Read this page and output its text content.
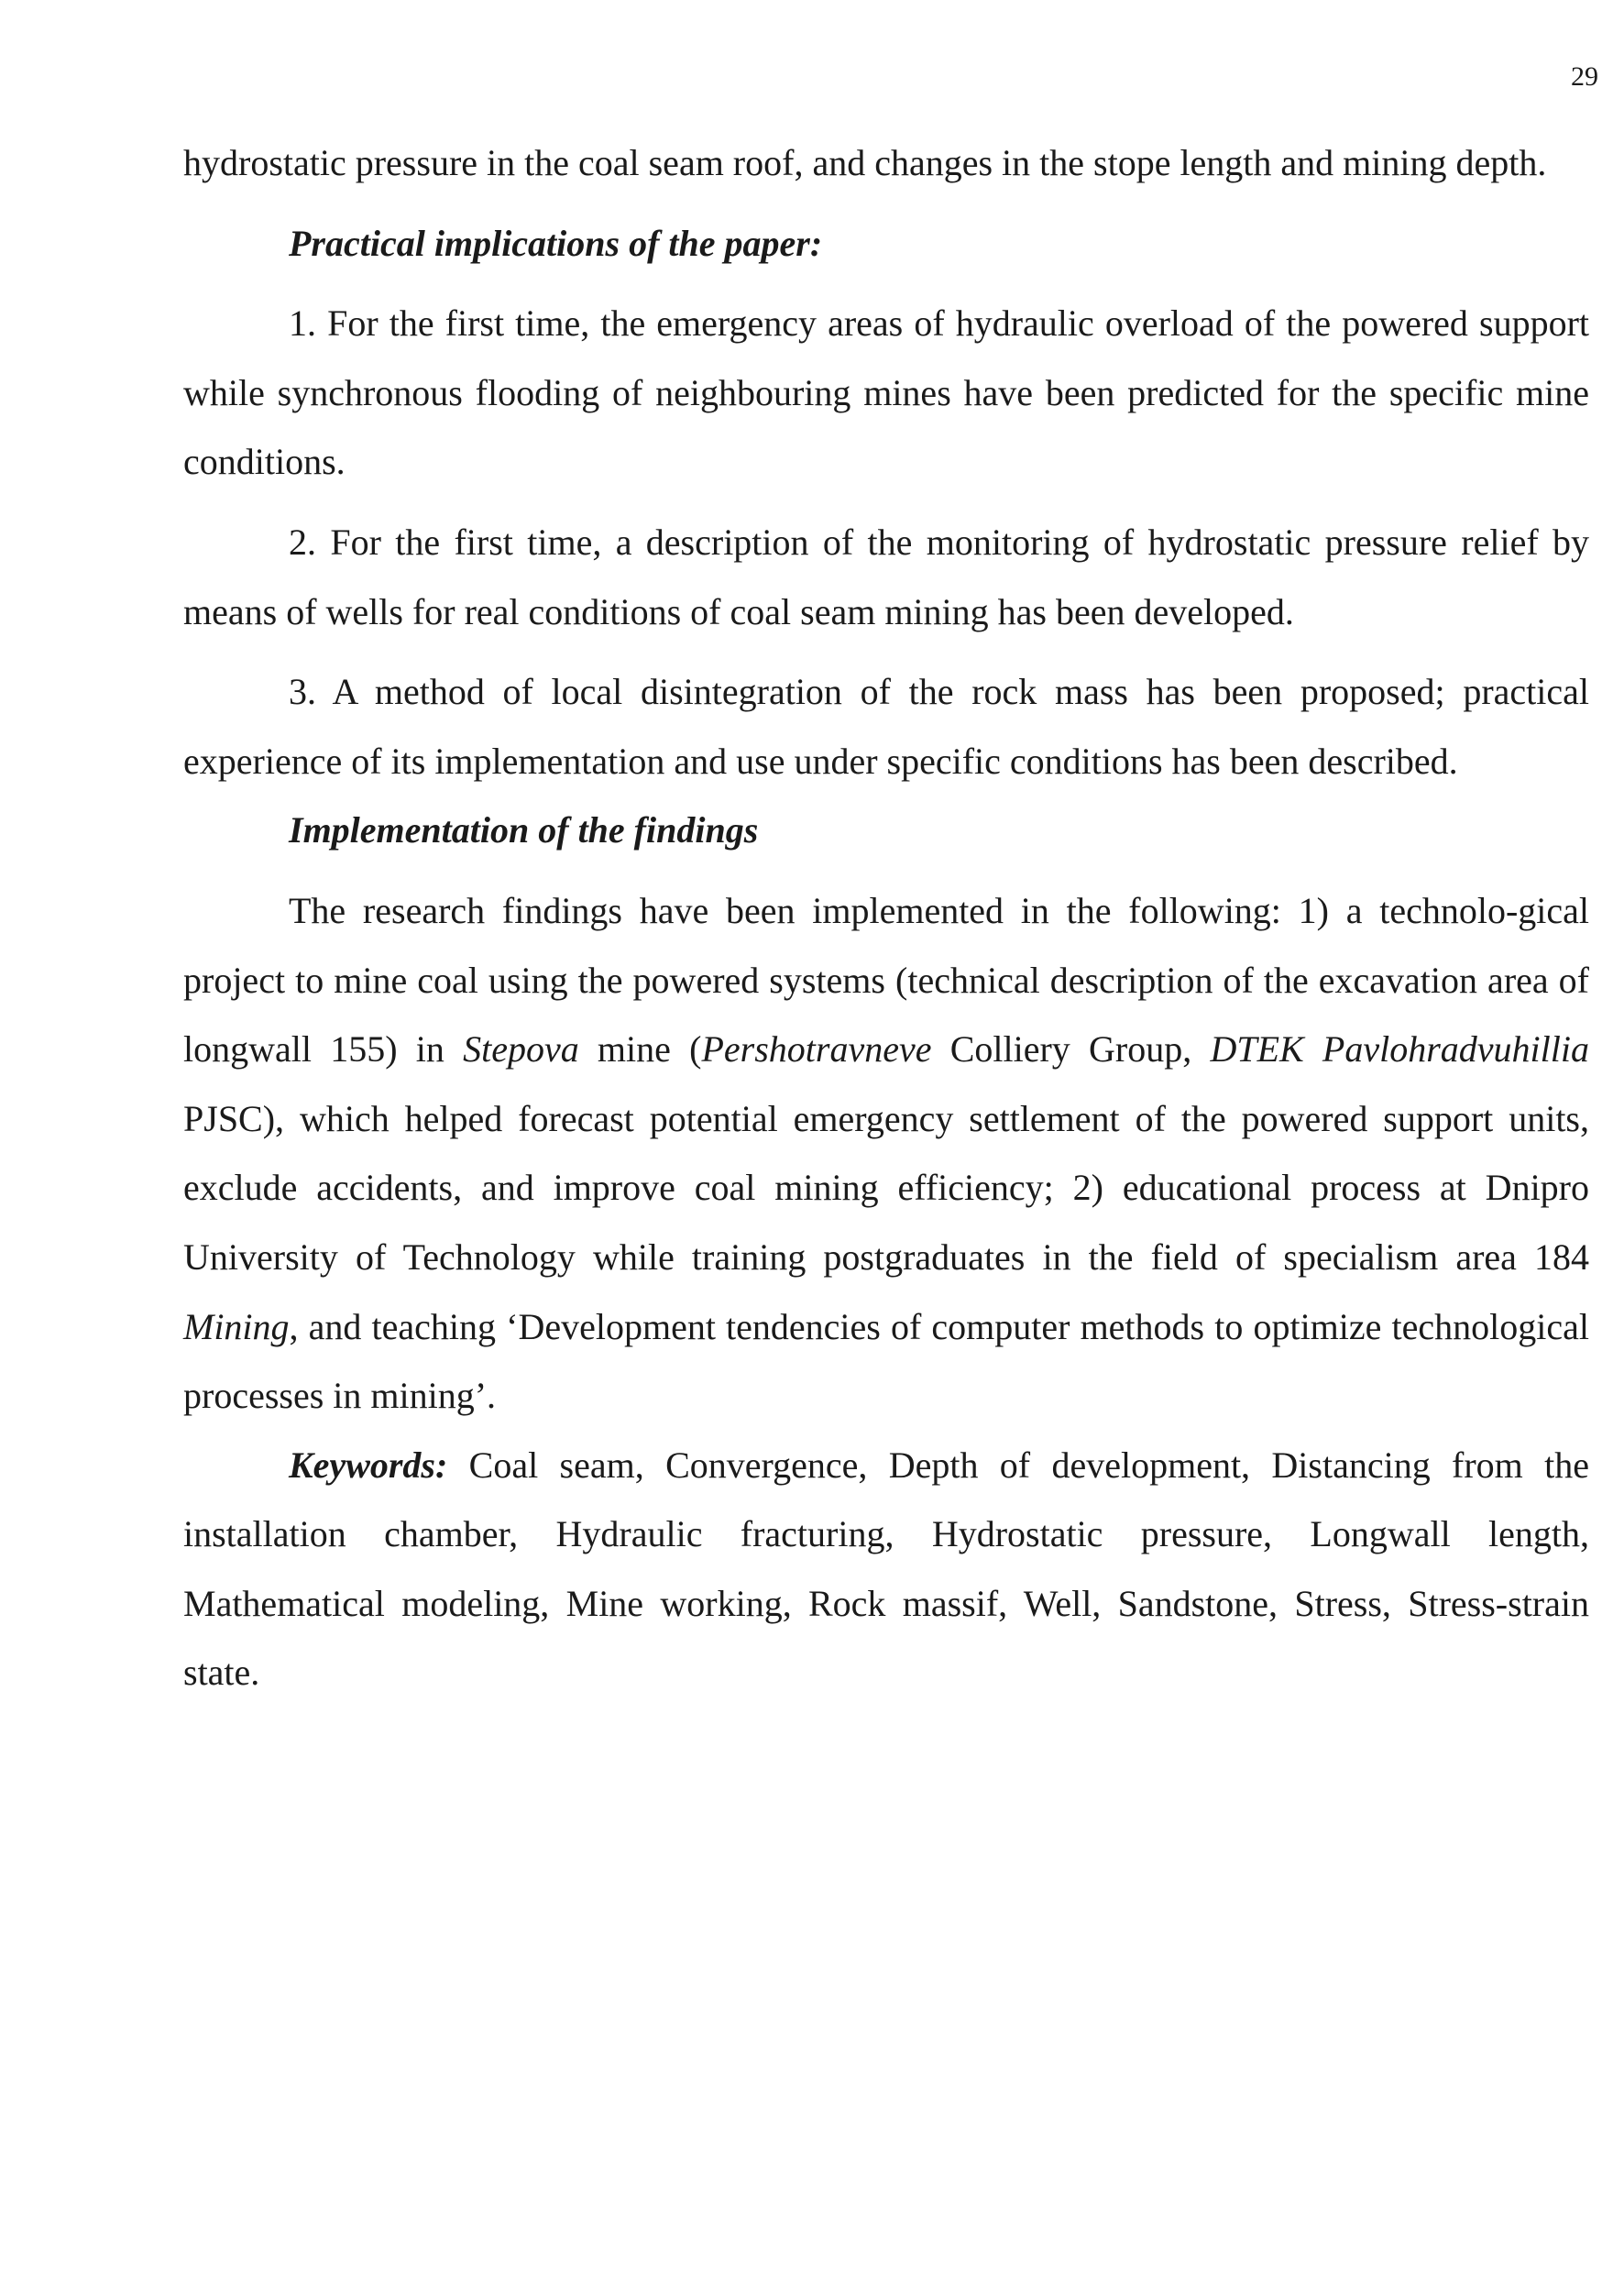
29

hydrostatic pressure in the coal seam roof, and changes in the stope length and mining depth.

Practical implications of the paper:

1. For the first time, the emergency areas of hydraulic overload of the powered support while synchronous flooding of neighbouring mines have been predicted for the specific mine conditions.

2. For the first time, a description of the monitoring of hydrostatic pressure relief by means of wells for real conditions of coal seam mining has been developed.

3. A method of local disintegration of the rock mass has been proposed; practical experience of its implementation and use under specific conditions has been described.

Implementation of the findings

The research findings have been implemented in the following: 1) a technolo-gical project to mine coal using the powered systems (technical description of the excavation area of longwall 155) in Stepova mine (Pershotravneve Colliery Group, DTEK Pavlohradvuhillia PJSC), which helped forecast potential emergency settlement of the powered support units, exclude accidents, and improve coal mining efficiency; 2) educational process at Dnipro University of Technology while training postgraduates in the field of specialism area 184 Mining, and teaching ‘Development tendencies of computer methods to optimize technological processes in mining’.

Keywords: Coal seam, Convergence, Depth of development, Distancing from the installation chamber, Hydraulic fracturing, Hydrostatic pressure, Longwall length, Mathematical modeling, Mine working, Rock massif, Well, Sandstone, Stress, Stress-strain state.
